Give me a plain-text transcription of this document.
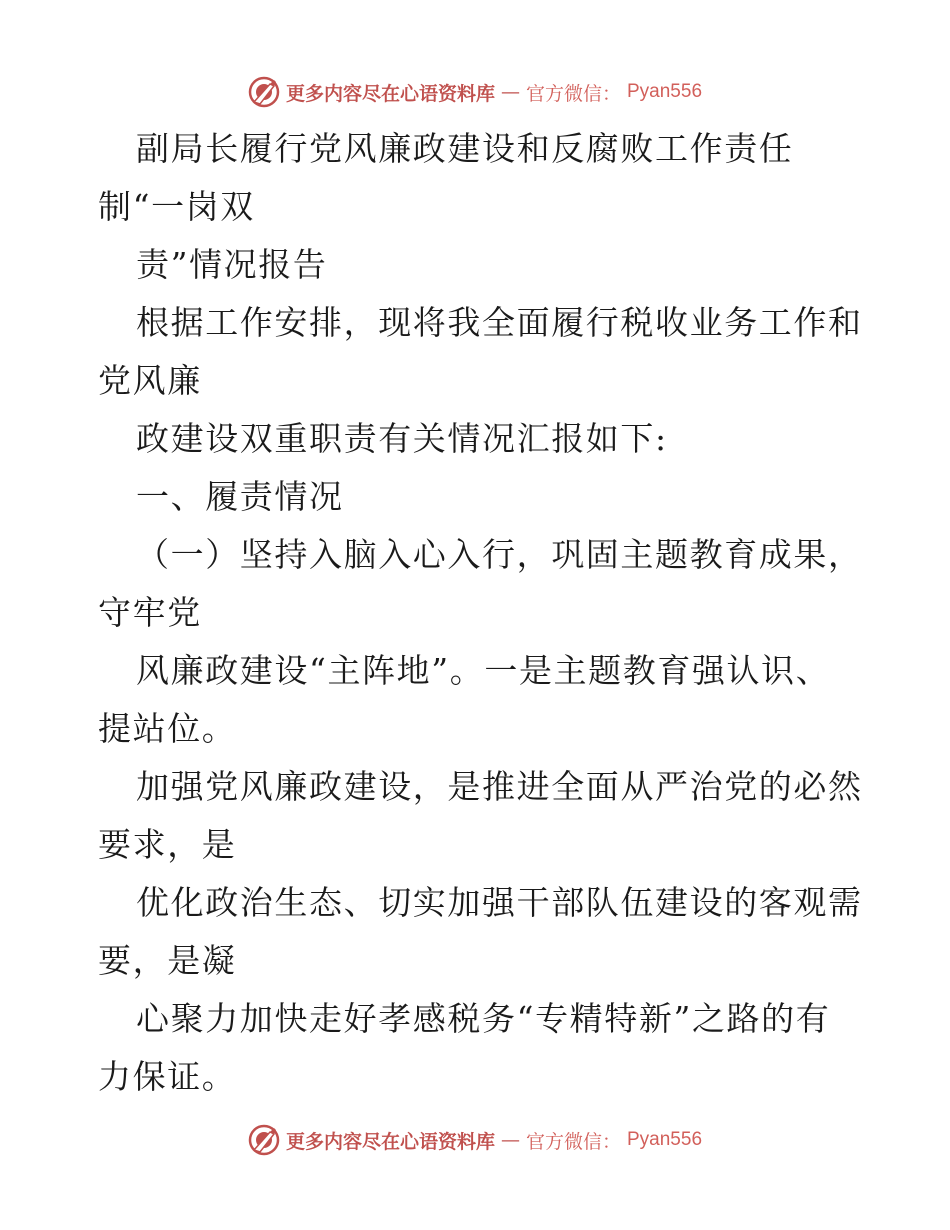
更多内容尽在心语资料库 — 官方微信： Pyan556
副局长履行党风廉政建设和反腐败工作责任
制“一岗双
责”情况报告
根据工作安排，现将我全面履行税收业务工作和
党风廉
政建设双重职责有关情况汇报如下:
一、履责情况
（一）坚持入脑入心入行，巩固主题教育成果，
守牢党
风廉政建设“主阵地”。一是主题教育强认识、
提站位。
加强党风廉政建设，是推进全面从严治党的必然
要求，是
优化政治生态、切实加强干部队伍建设的客观需
要，是凝
心聚力加快走好孝感税务“专精特新”之路的有
力保证。
更多内容尽在心语资料库 — 官方微信： Pyan556
